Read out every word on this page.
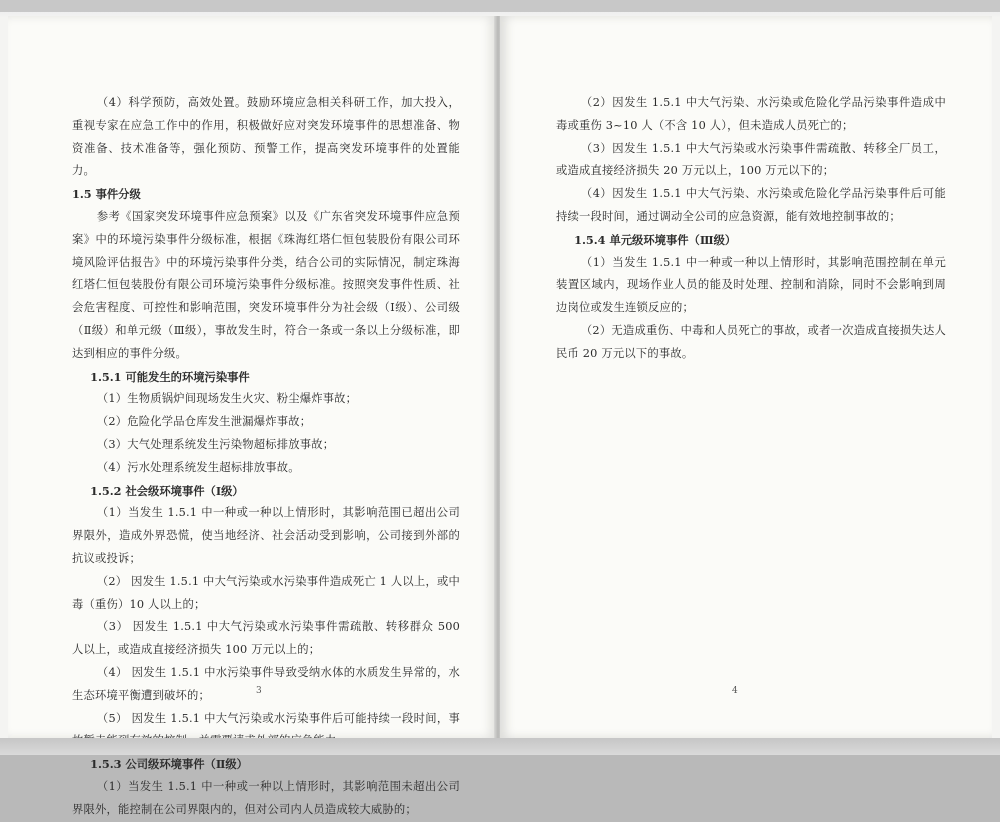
（4）科学预防，高效处置。鼓励环境应急相关科研工作，加大投入，重视专家在应急工作中的作用，积极做好应对突发环境事件的思想准备、物资准备、技术准备等，强化预防、预警工作，提高突发环境事件的处置能力。

1.5 事件分级

参考《国家突发环境事件应急预案》以及《广东省突发环境事件应急预案》中的环境污染事件分级标准，根据《珠海红塔仁恒包装股份有限公司环境风险评估报告》中的环境污染事件分类，结合公司的实际情况，制定珠海红塔仁恒包装股份有限公司环境污染事件分级标准。按照突发事件性质、社会危害程度、可控性和影响范围，突发环境事件分为社会级（Ⅰ级）、公司级（Ⅱ级）和单元级（Ⅲ级），事故发生时，符合一条或一条以上分级标准，即达到相应的事件分级。

1.5.1 可能发生的环境污染事件

（1）生物质锅炉间现场发生火灾、粉尘爆炸事故；

（2）危险化学品仓库发生泄漏爆炸事故；

（3）大气处理系统发生污染物超标排放事故；

（4）污水处理系统发生超标排放事故。

1.5.2 社会级环境事件（Ⅰ级）

（1）当发生 1.5.1 中一种或一种以上情形时，其影响范围已超出公司界限外，造成外界恐慌，使当地经济、社会活动受到影响，公司接到外部的抗议或投诉；

（2） 因发生 1.5.1 中大气污染或水污染事件造成死亡 1 人以上，或中毒（重伤）10 人以上的；

（3） 因发生 1.5.1 中大气污染或水污染事件需疏散、转移群众 500 人以上，或造成直接经济损失 100 万元以上的；

（4） 因发生 1.5.1 中水污染事件导致受纳水体的水质发生异常的，水生态环境平衡遭到破坏的；

（5） 因发生 1.5.1 中大气污染或水污染事件后可能持续一段时间，事

1.5.3 公司级环境事件（Ⅱ级）

（1）当发生 1.5.1 中一种或一种以上情形时，其影响范围未超出公司界限外，能控制在公司界限内的，但对公司内人员造成较大威胁的；

3

（2）因发生 1.5.1 中大气污染、水污染或危险化学品污染事件造成中毒或重伤 3~10 人（不含 10 人），但未造成人员死亡的；

（3）因发生 1.5.1 中大气污染或水污染事件需疏散、转移全厂员工，或造成直接经济损失 20 万元以上，100 万元以下的；

（4）因发生 1.5.1 中大气污染、水污染或危险化学品污染事件后可能持续一段时间，通过调动全公司的应急资源，能有效地控制事故的；

1.5.4 单元级环境事件（Ⅲ级）

（1）当发生 1.5.1 中一种或一种以上情形时，其影响范围控制在单元装置区域内，现场作业人员的能及时处理、控制和消除，同时不会影响到周边岗位或发生连锁反应的；

（2）无造成重伤、中毒和人员死亡的事故，或者一次造成直接损失达人民币 20 万元以下的事故。

4
